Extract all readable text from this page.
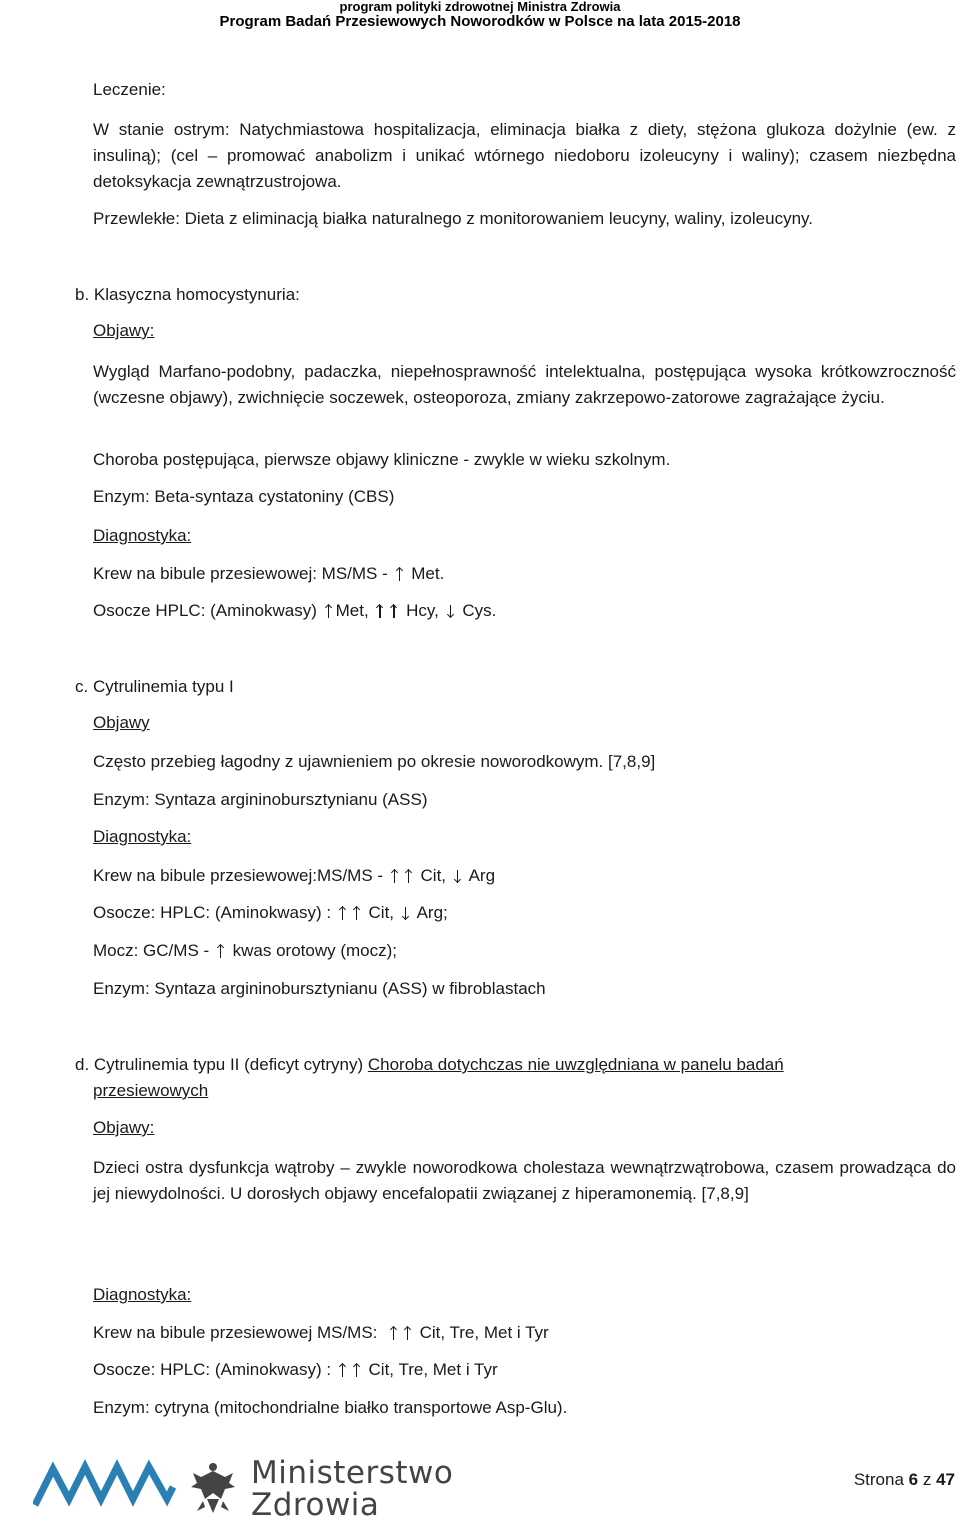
program polityki zdrowotnej Ministra Zdrowia
Program Badań Przesiewowych Noworodków w Polsce na lata 2015-2018
Leczenie:
W stanie ostrym: Natychmiastowa hospitalizacja, eliminacja białka z diety, stężona glukoza dożylnie (ew. z insuliną); (cel – promować anabolizm i unikać wtórnego niedoboru izoleucyny i waliny); czasem niezbędna detoksykacja zewnątrzustrojowa.
Przewlekłe: Dieta z eliminacją białka naturalnego z monitorowaniem leucyny, waliny, izoleucyny.
b. Klasyczna homocystynuria:
Objawy:
Wygląd Marfano-podobny, padaczka, niepełnosprawność intelektualna, postępująca wysoka krótkowzroczność (wczesne objawy), zwichnięcie soczewek, osteoporoza, zmiany zakrzepowo-zatorowe zagrażające życiu.
Choroba postępująca, pierwsze objawy kliniczne - zwykle w wieku szkolnym.
Enzym: Beta-syntaza cystatoniny (CBS)
Diagnostyka:
Krew na bibule przesiewowej: MS/MS - Met.
Osocze HPLC: (Aminokwasy) Met, Hcy, Cys.
c. Cytrulinemia typu I
Objawy
Często przebieg łagodny z ujawnieniem po okresie noworodkowym. [7,8,9]
Enzym: Syntaza argininobursztynianu (ASS)
Diagnostyka:
Krew na bibule przesiewowej:MS/MS - Cit, Arg
Osocze: HPLC: (Aminokwasy) : Cit, Arg;
Mocz: GC/MS - kwas orotowy (mocz);
Enzym: Syntaza argininobursztynianu (ASS) w fibroblastach
d. Cytrulinemia typu II (deficyt cytryny) Choroba dotychczas nie uwzględniana w panelu badań
przesiewowych
Objawy:
Dzieci ostra dysfunkcja wątroby – zwykle noworodkowa cholestaza wewnątrzwątrobowa, czasem prowadząca do jej niewydolności. U dorosłych objawy encefalopatii związanej z hiperamonemią. [7,8,9]
Diagnostyka:
Krew na bibule przesiewowej MS/MS: Cit, Tre, Met i Tyr
Osocze: HPLC: (Aminokwasy) : Cit, Tre, Met i Tyr
Enzym: cytryna (mitochondrialne białko transportowe Asp-Glu).
Ministerstwo
Zdrowia
Strona 6 z 47
